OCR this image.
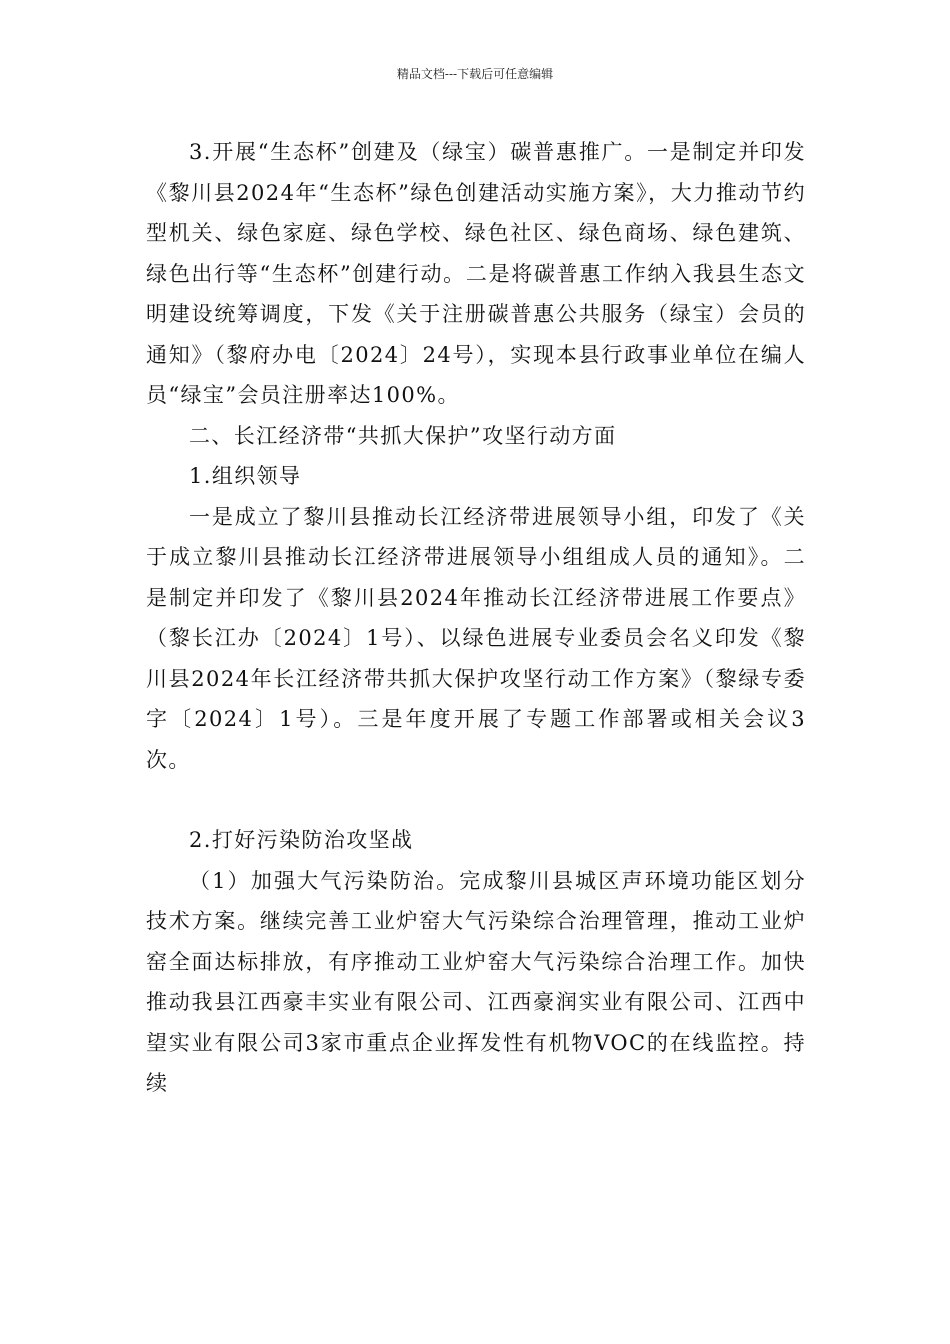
精品文档---下载后可任意编辑

3.开展“生态杯”创建及（绿宝）碳普惠推广。一是制定并印发《黎川县2024年“生态杯”绿色创建活动实施方案》，大力推动节约型机关、绿色家庭、绿色学校、绿色社区、绿色商场、绿色建筑、绿色出行等“生态杯”创建行动。二是将碳普惠工作纳入我县生态文明建设统筹调度，下发《关于注册碳普惠公共服务（绿宝）会员的通知》（黎府办电〔2024〕24号），实现本县行政事业单位在编人员“绿宝”会员注册率达100%。

二、长江经济带“共抓大保护”攻坚行动方面

1.组织领导

一是成立了黎川县推动长江经济带进展领导小组，印发了《关于成立黎川县推动长江经济带进展领导小组组成人员的通知》。二是制定并印发了《黎川县2024年推动长江经济带进展工作要点》（黎长江办〔2024〕1号）、以绿色进展专业委员会名义印发《黎川县2024年长江经济带共抓大保护攻坚行动工作方案》（黎绿专委字〔2024〕1号）。三是年度开展了专题工作部署或相关会议3次。

2.打好污染防治攻坚战

（1）加强大气污染防治。完成黎川县城区声环境功能区划分技术方案。继续完善工业炉窑大气污染综合治理管理，推动工业炉窑全面达标排放，有序推动工业炉窑大气污染综合治理工作。加快推动我县江西豪丰实业有限公司、江西豪润实业有限公司、江西中望实业有限公司3家市重点企业挥发性有机物VOC的在线监控。持续
